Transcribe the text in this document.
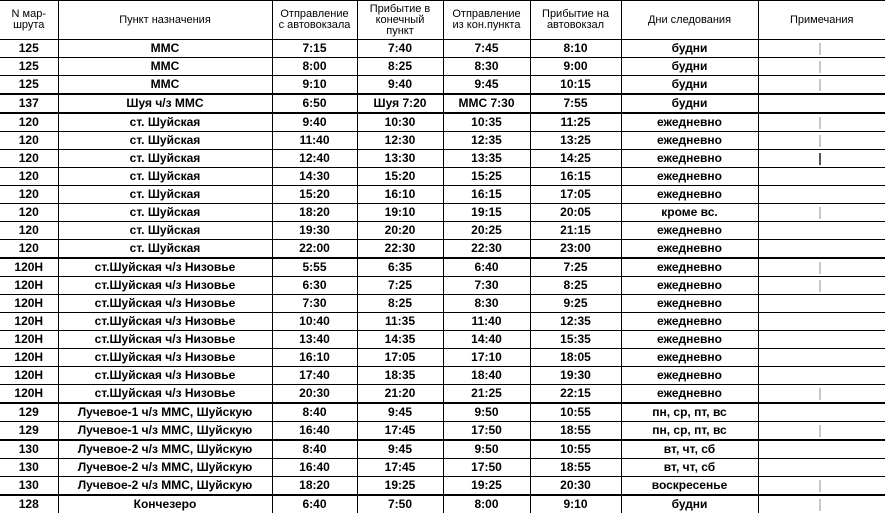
N мар-
шрута	Пункт назначения	Отправление
с автовокзала	Прибытие в
конечный
пункт	Отправление
из кон.пункта	Прибытие на
автовокзал	Дни следования	Примечания
125	ММС	7:15	7:40	7:45	8:10	будни	

125	ММС	8:00	8:25	8:30	9:00	будни	

125	ММС	9:10	9:40	9:45	10:15	будни	

137	Шуя ч/з ММС	6:50	Шуя 7:20	ММС 7:30	7:55	будни	
120	ст. Шуйская	9:40	10:30	10:35	11:25	ежедневно	

120	ст. Шуйская	11:40	12:30	12:35	13:25	ежедневно	

120	ст. Шуйская	12:40	13:30	13:35	14:25	ежедневно	

120	ст. Шуйская	14:30	15:20	15:25	16:15	ежедневно	
120	ст. Шуйская	15:20	16:10	16:15	17:05	ежедневно	
120	ст. Шуйская	18:20	19:10	19:15	20:05	кроме вс.	

120	ст. Шуйская	19:30	20:20	20:25	21:15	ежедневно	
120	ст. Шуйская	22:00	22:30	22:30	23:00	ежедневно	
120Н	ст.Шуйская ч/з Низовье	5:55	6:35	6:40	7:25	ежедневно	

120Н	ст.Шуйская ч/з Низовье	6:30	7:25	7:30	8:25	ежедневно	

120Н	ст.Шуйская ч/з Низовье	7:30	8:25	8:30	9:25	ежедневно	
120Н	ст.Шуйская ч/з Низовье	10:40	11:35	11:40	12:35	ежедневно	
120Н	ст.Шуйская ч/з Низовье	13:40	14:35	14:40	15:35	ежедневно	
120Н	ст.Шуйская ч/з Низовье	16:10	17:05	17:10	18:05	ежедневно	
120Н	ст.Шуйская ч/з Низовье	17:40	18:35	18:40	19:30	ежедневно	
120Н	ст.Шуйская ч/з Низовье	20:30	21:20	21:25	22:15	ежедневно	

129	Лучевое-1 ч/з ММС, Шуйскую	8:40	9:45	9:50	10:55	пн, ср, пт, вс	
129	Лучевое-1 ч/з ММС, Шуйскую	16:40	17:45	17:50	18:55	пн, ср, пт, вс	

130	Лучевое-2 ч/з ММС, Шуйскую	8:40	9:45	9:50	10:55	вт, чт, сб	
130	Лучевое-2 ч/з ММС, Шуйскую	16:40	17:45	17:50	18:55	вт, чт, сб	
130	Лучевое-2 ч/з ММС, Шуйскую	18:20	19:25	19:25	20:30	воскресенье	

128	Кончезеро	6:40	7:50	8:00	9:10	будни	
